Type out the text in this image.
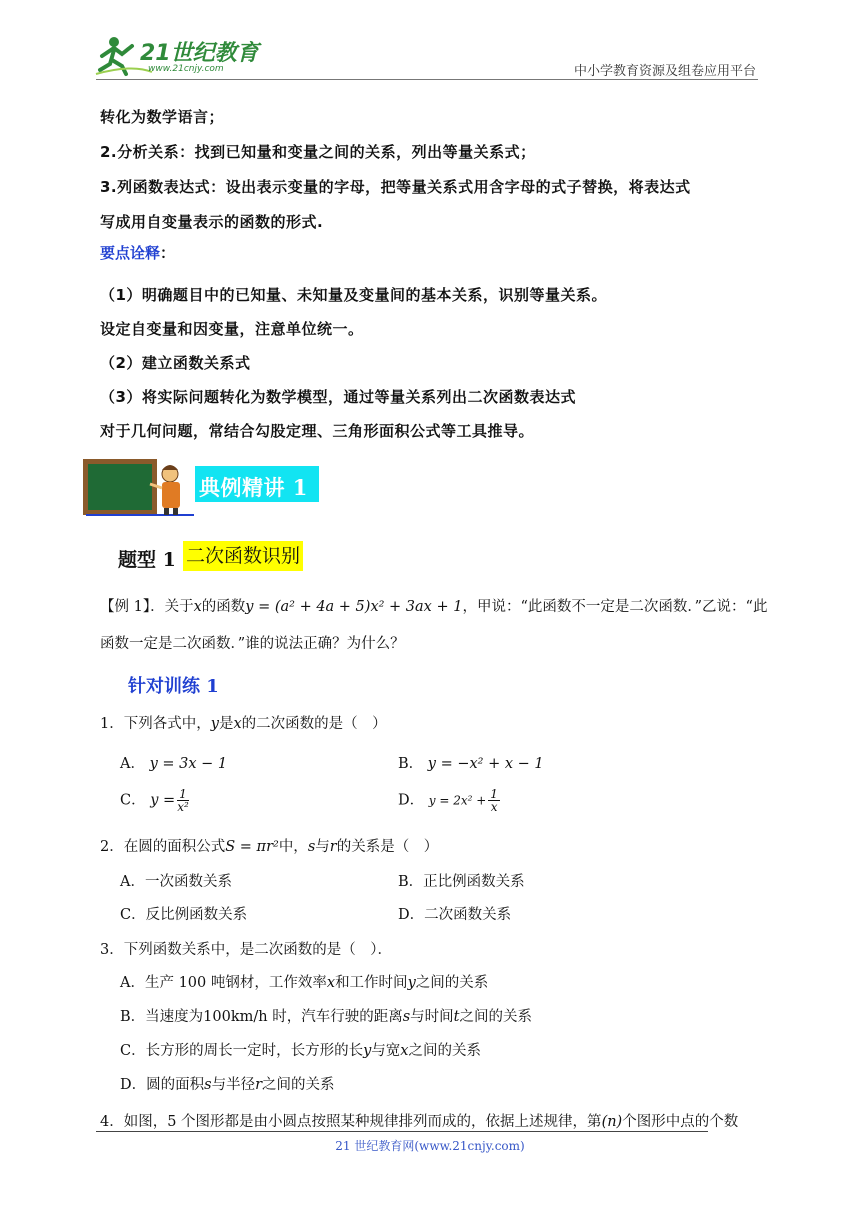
21世纪教育
www.21cnjy.com	中小学教育资源及组卷应用平台
转化为数学语言；
2.分析关系：找到已知量和变量之间的关系，列出等量关系式；
3.列函数表达式：设出表示变量的字母，把等量关系式用含字母的式子替换，将表达式
写成用自变量表示的函数的形式.
要点诠释：
（1）明确题目中的已知量、未知量及变量间的基本关系，识别等量关系。
设定自变量和因变量，注意单位统一。
（2）建立函数关系式
（3）将实际问题转化为数学模型，通过等量关系列出二次函数表达式
对于几何问题，常结合勾股定理、三角形面积公式等工具推导。
典例精讲 1
题型 1 二次函数识别
【例 1】．关于x的函数y = (a² + 4a + 5)x² + 3ax + 1，甲说：“此函数不一定是二次函数．”乙说：“此
函数一定是二次函数．”谁的说法正确？为什么？
针对训练 1
1．下列各式中，y是x的二次函数的是（　）
A． y = 3x − 1	B． y = −x² + x − 1
C． $y = \frac{1}{\text{x²}}$	D． $y = 2x^2 + \frac{1}{x}$
2．在圆的面积公式S = πr²中，s与r的关系是（　）
A．一次函数关系	B．正比例函数关系
C．反比例函数关系	D．二次函数关系
3．下列函数关系中，是二次函数的是（　）．
A．生产 100 吨钢材，工作效率x和工作时间y之间的关系
B．当速度为100km/h 时，汽车行驶的距离s与时间t之间的关系
C．长方形的周长一定时，长方形的长y与宽x之间的关系
D．圆的面积s与半径r之间的关系
4．如图，5 个图形都是由小圆点按照某种规律排列而成的，依据上述规律，第(n)个图形中点的个数
21 世纪教育网(www.21cnjy.com)
